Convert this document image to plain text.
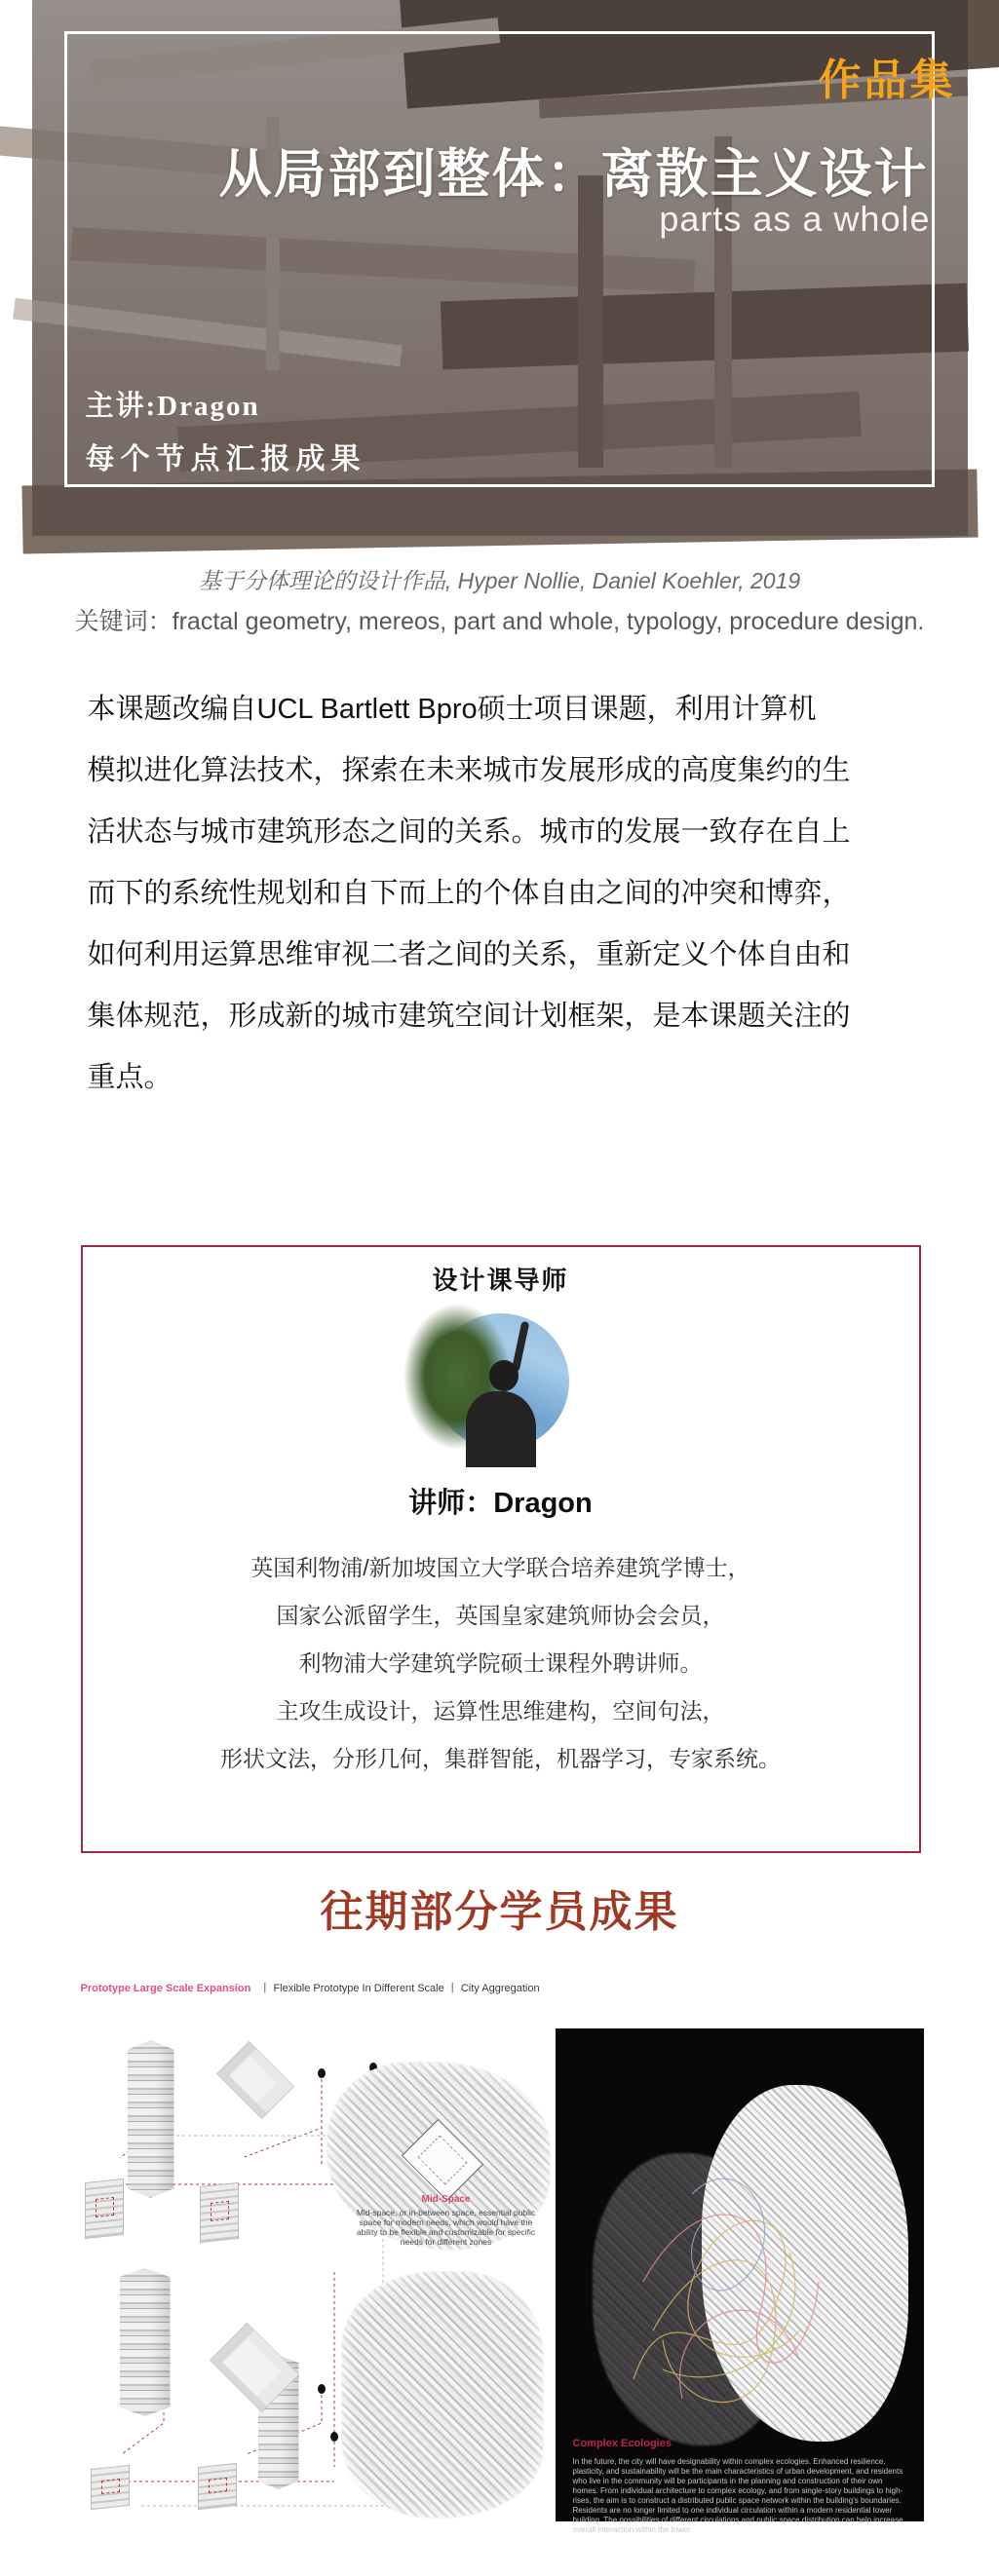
作品集
从局部到整体：离散主义设计
parts as a whole
主讲:Dragon
每个节点汇报成果
基于分体理论的设计作品, Hyper Nollie, Daniel Koehler, 2019
关键词：fractal geometry, mereos, part and whole, typology, procedure design.
本课题改编自UCL Bartlett Bpro硕士项目课题，利用计算机
模拟进化算法技术，探索在未来城市发展形成的高度集约的生
活状态与城市建筑形态之间的关系。城市的发展一致存在自上
而下的系统性规划和自下而上的个体自由之间的冲突和博弈，
如何利用运算思维审视二者之间的关系，重新定义个体自由和
集体规范，形成新的城市建筑空间计划框架，是本课题关注的
重点。
设计课导师
讲师：Dragon
英国利物浦/新加坡国立大学联合培养建筑学博士，
国家公派留学生，英国皇家建筑师协会会员，
利物浦大学建筑学院硕士课程外聘讲师。
主攻生成设计，运算性思维建构，空间句法，
形状文法，分形几何，集群智能，机器学习，专家系统。
往期部分学员成果
Prototype Large Scale Expansion 丨 Flexible Prototype In Different Scale 丨 City Aggregation
Mid-Space
Mid-space, or in-between space, essential public space for modern needs, which would have the ability to be flexible and customizable for specific needs for different zones
Complex Ecologies
In the future, the city will have designability within complex ecologies. Enhanced resilience, plasticity, and sustainability will be the main characteristics of urban development, and residents who live in the community will be participants in the planning and construction of their own homes. From individual architecture to complex ecology, and from single-story buildings to high-rises, the aim is to construct a distributed public space network within the building's boundaries. Residents are no longer limited to one individual circulation within a modern residential tower building. The possibilities of different circulations and public space distribution can help increase overall interaction within the tower.
